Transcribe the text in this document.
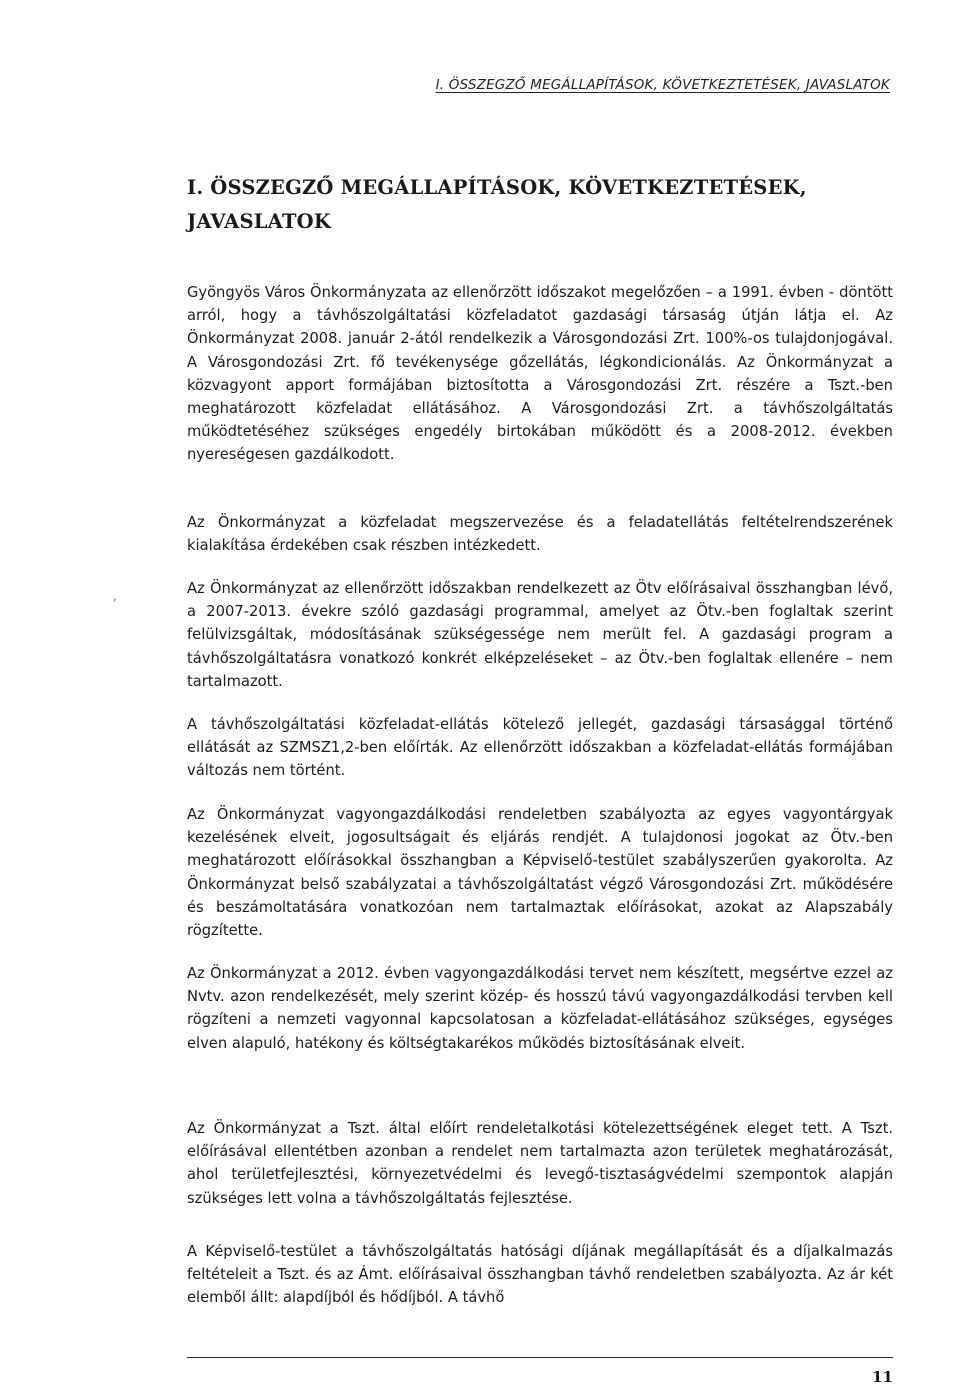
I. ÖSSZEGZŐ MEGÁLLAPÍTÁSOK, KÖVETKEZTETÉSEK, JAVASLATOK
I. ÖSSZEGZŐ MEGÁLLAPÍTÁSOK, KÖVETKEZTETÉSEK, JAVASLATOK

Gyöngyös Város Önkormányzata az ellenőrzött időszakot megelőzően – a 1991. évben - döntött arról, hogy a távhőszolgáltatási közfeladatot gazdasági társaság útján látja el. Az Önkormányzat 2008. január 2-ától rendelkezik a Városgondozási Zrt. 100%-os tulajdonjogával. A Városgondozási Zrt. fő tevékenysége gőzellátás, légkondicionálás. Az Önkormányzat a közvagyont apport formájában biztosította a Városgondozási Zrt. részére a Tszt.-ben meghatározott közfeladat ellátásához. A Városgondozási Zrt. a távhőszolgáltatás működtetéséhez szükséges engedély birtokában működött és a 2008-2012. években nyereségesen gazdálkodott.

Az Önkormányzat a közfeladat megszervezése és a feladatellátás feltételrendszerének kialakítása érdekében csak részben intézkedett.

Az Önkormányzat az ellenőrzött időszakban rendelkezett az Ötv előírásaival összhangban lévő, a 2007-2013. évekre szóló gazdasági programmal, amelyet az Ötv.-ben foglaltak szerint felülvizsgáltak, módosításának szükségessége nem merült fel. A gazdasági program a távhőszolgáltatásra vonatkozó konkrét elképzeléseket – az Ötv.-ben foglaltak ellenére – nem tartalmazott.

A távhőszolgáltatási közfeladat-ellátás kötelező jellegét, gazdasági társasággal történő ellátását az SZMSZ1,2-ben előírták. Az ellenőrzött időszakban a közfeladat-ellátás formájában változás nem történt.

Az Önkormányzat vagyongazdálkodási rendeletben szabályozta az egyes vagyontárgyak kezelésének elveit, jogosultságait és eljárás rendjét. A tulajdonosi jogokat az Ötv.-ben meghatározott előírásokkal összhangban a Képviselő-testület szabályszerűen gyakorolta. Az Önkormányzat belső szabályzatai a távhőszolgáltatást végző Városgondozási Zrt. működésére és beszámoltatására vonatkozóan nem tartalmaztak előírásokat, azokat az Alapszabály rögzítette.

Az Önkormányzat a 2012. évben vagyongazdálkodási tervet nem készített, megsértve ezzel az Nvtv. azon rendelkezését, mely szerint közép- és hosszú távú vagyongazdálkodási tervben kell rögzíteni a nemzeti vagyonnal kapcsolatosan a közfeladat-ellátásához szükséges, egységes elven alapuló, hatékony és költségtakarékos működés biztosításának elveit.

Az Önkormányzat a Tszt. által előírt rendeletalkotási kötelezettségének eleget tett. A Tszt. előírásával ellentétben azonban a rendelet nem tartalmazta azon területek meghatározását, ahol területfejlesztési, környezetvédelmi és levegő-tisztaságvédelmi szempontok alapján szükséges lett volna a távhőszolgáltatás fejlesztése.

A Képviselő-testület a távhőszolgáltatás hatósági díjának megállapítását és a díjalkalmazás feltételeit a Tszt. és az Ámt. előírásaival összhangban távhő rendeletben szabályozta. Az ár két elemből állt: alapdíjból és hődíjból. A távhő

,

11
